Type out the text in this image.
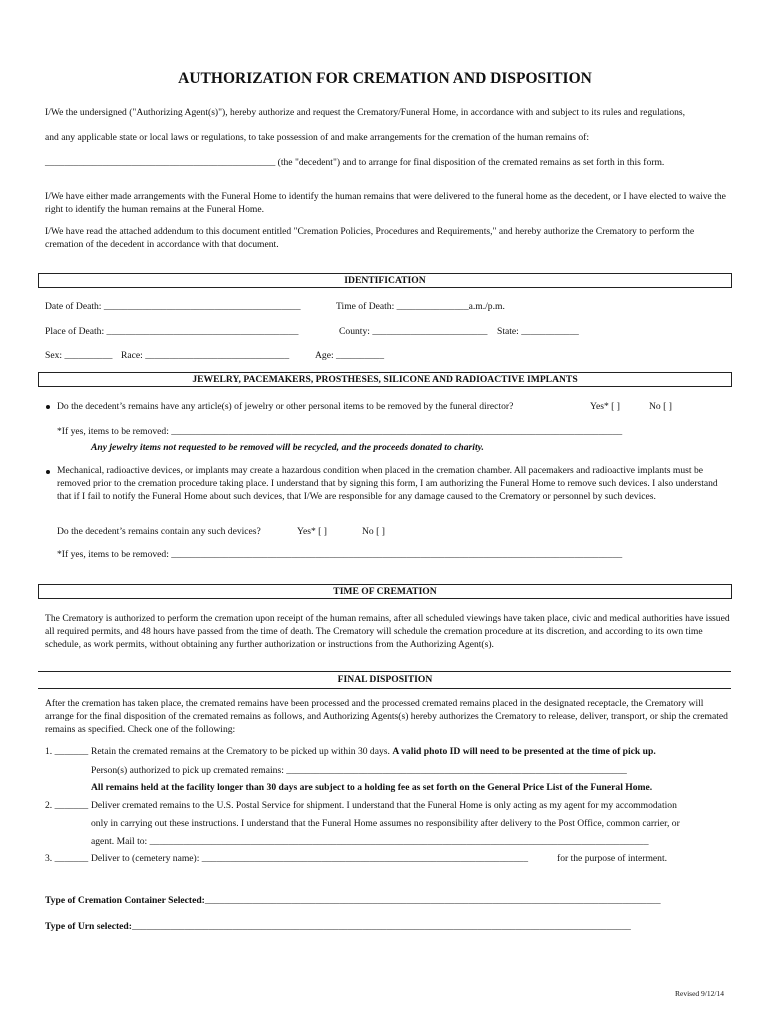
AUTHORIZATION FOR CREMATION AND DISPOSITION
I/We the undersigned ("Authorizing Agent(s)"), hereby authorize and request the Crematory/Funeral Home, in accordance with and subject to its rules and regulations,
and any applicable state or local laws or regulations, to take possession of and make arrangements for the cremation of the human remains of:
________________________________________________ (the "decedent") and to arrange for final disposition of the cremated remains as set forth in this form.
I/We have either made arrangements with the Funeral Home to identify the human remains that were delivered to the funeral home as the decedent, or I have elected to waive the right to identify the human remains at the Funeral Home.
I/We have read the attached addendum to this document entitled "Cremation Policies, Procedures and Requirements," and hereby authorize the Crematory to perform the cremation of the decedent in accordance with that document.
IDENTIFICATION
Date of Death: _________________________________________	Time of Death: _______________a.m./p.m.
Place of Death: ________________________________________	County: ________________________ State: ____________
Sex: __________ Race: ______________________________	Age: __________
JEWELRY, PACEMAKERS, PROSTHESES, SILICONE AND RADIOACTIVE IMPLANTS
Do the decedent’s remains have any article(s) of jewelry or other personal items to be removed by the funeral director?	Yes* [ ]	No [ ]
*If yes, items to be removed: ______________________________________________________________________________________________
Any jewelry items not requested to be removed will be recycled, and the proceeds donated to charity.
Mechanical, radioactive devices, or implants may create a hazardous condition when placed in the cremation chamber. All pacemakers and radioactive implants must be removed prior to the cremation procedure taking place. I understand that by signing this form, I am authorizing the Funeral Home to remove such devices. I also understand that if I fail to notify the Funeral Home about such devices, that I/We are responsible for any damage caused to the Crematory or personnel by such devices.
Do the decedent’s remains contain any such devices?	Yes* [ ]	No [ ]
*If yes, items to be removed: ______________________________________________________________________________________________
TIME OF CREMATION
The Crematory is authorized to perform the cremation upon receipt of the human remains, after all scheduled viewings have taken place, civic and medical authorities have issued all required permits, and 48 hours have passed from the time of death. The Crematory will schedule the cremation procedure at its discretion, and according to its own time schedule, as work permits, without obtaining any further authorization or instructions from the Authorizing Agent(s).
FINAL DISPOSITION
After the cremation has taken place, the cremated remains have been processed and the processed cremated remains placed in the designated receptacle, the Crematory will arrange for the final disposition of the cremated remains as follows, and Authorizing Agents(s) hereby authorizes the Crematory to release, deliver, transport, or ship the cremated remains as specified. Check one of the following:
1. _______ Retain the cremated remains at the Crematory to be picked up within 30 days. A valid photo ID will need to be presented at the time of pick up.
Person(s) authorized to pick up cremated remains: _______________________________________________________________________
All remains held at the facility longer than 30 days are subject to a holding fee as set forth on the General Price List of the Funeral Home.
2. _______ Deliver cremated remains to the U.S. Postal Service for shipment. I understand that the Funeral Home is only acting as my agent for my accommodation
only in carrying out these instructions. I understand that the Funeral Home assumes no responsibility after delivery to the Post Office, common carrier, or
agent. Mail to: ________________________________________________________________________________________________________
3. _______ Deliver to (cemetery name): ____________________________________________________________________	for the purpose of interment.
Type of Cremation Container Selected:_______________________________________________________________________________________________
Type of Urn selected:________________________________________________________________________________________________________
Revised 9/12/14
